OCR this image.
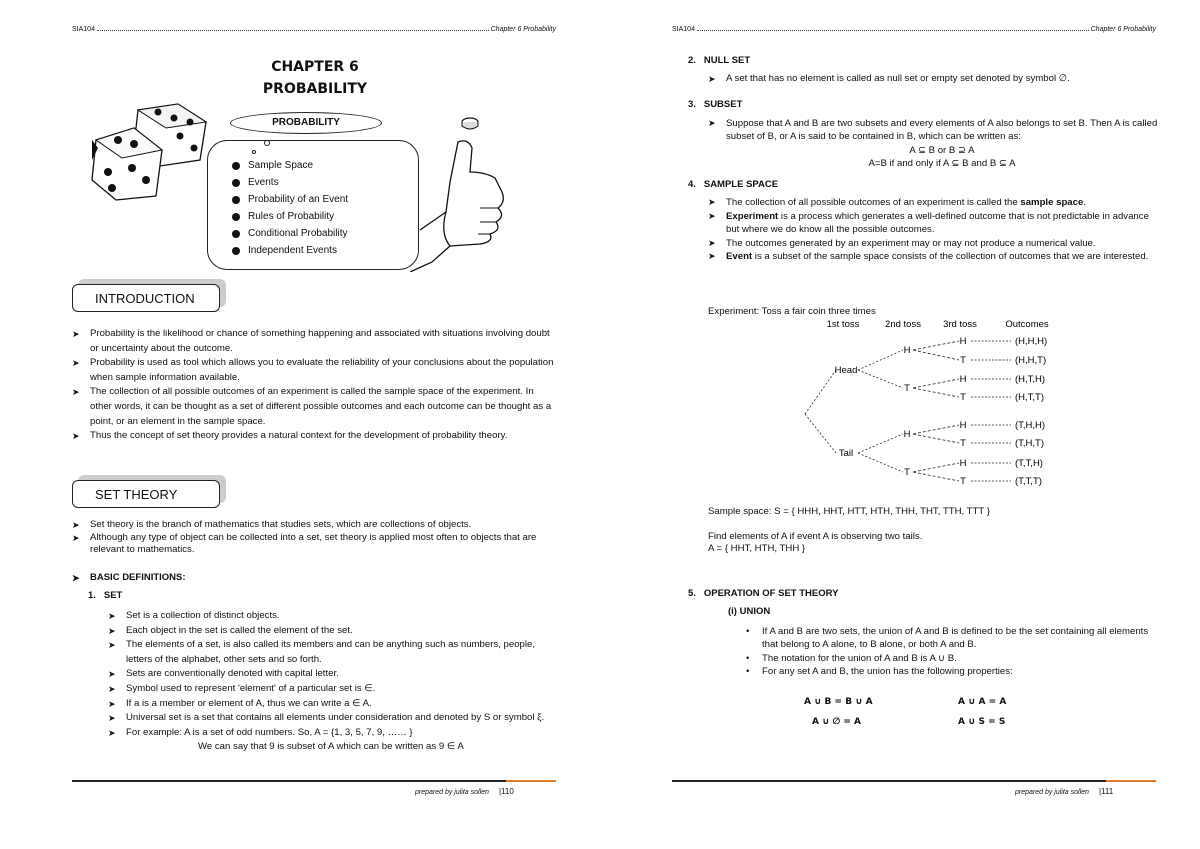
SIA104	Chapter 6 Probability
CHAPTER 6
PROBABILITY
PROBABILITY
Sample Space
Events
Probability of an Event
Rules of Probability
Conditional Probability
Independent Events
INTRODUCTION
➤ Probability is the likelihood or chance of something happening and associated with situations involving doubt or uncertainty about the outcome.
➤ Probability is used as tool which allows you to evaluate the reliability of your conclusions about the population when sample information available.
➤ The collection of all possible outcomes of an experiment is called the sample space of the experiment. In other words, it can be thought as a set of different possible outcomes and each outcome can be thought as a point, or an element in the sample space.
➤ Thus the concept of set theory provides a natural context for the development of probability theory.
SET THEORY
➤ Set theory is the branch of mathematics that studies sets, which are collections of objects.
➤ Although any type of object can be collected into a set, set theory is applied most often to objects that are relevant to mathematics.
➤ BASIC DEFINITIONS:
1. SET
➤ Set is a collection of distinct objects.
➤ Each object in the set is called the element of the set.
➤ The elements of a set, is also called its members and can be anything such as numbers, people, letters of the alphabet, other sets and so forth.
➤ Sets are conventionally denoted with capital letter.
➤ Symbol used to represent 'element' of a particular set is ∈.
➤ If a is a member or element of A, thus we can write a ∈ A.
➤ Universal set is a set that contains all elements under consideration and denoted by S or symbol ξ.
➤ For example: A is a set of odd numbers. So, A = {1, 3, 5, 7, 9, …… }
We can say that 9 is subset of A which can be written as 9 ∈ A
prepared by julita sollen |110
SIA104	Chapter 6 Probability
2. NULL SET
➤ A set that has no element is called as null set or empty set denoted by symbol ∅.
3. SUBSET
➤ Suppose that A and B are two subsets and every elements of A also belongs to set B. Then A is called subset of B, or A is said to be contained in B, which can be written as:
A ⊆ B or B ⊇ A
A=B if and only if A ⊆ B and B ⊆ A
4. SAMPLE SPACE
➤ The collection of all possible outcomes of an experiment is called the sample space.
➤ Experiment is a process which generates a well-defined outcome that is not predictable in advance but where we do know all the possible outcomes.
➤ The outcomes generated by an experiment may or may not produce a numerical value.
➤ Event is a subset of the sample space consists of the collection of outcomes that we are interested.
Experiment: Toss a fair coin three times
1st toss	2nd toss 3rd toss	Outcomes
Head
Tail
H
T
H
T
H	(H,H,H)
T	(H,H,T)
H	(H,T,H)
T	(H,T,T)
H	(T,H,H)
T	(T,H,T)
H	(T,T,H)
T	(T,T,T)
Sample space: S = { HHH, HHT, HTT, HTH, THH, THT, TTH, TTT }
Find elements of A if event A is observing two tails.
A = { HHT, HTH, THH }
5. OPERATION OF SET THEORY
(i) UNION
• If A and B are two sets, the union of A and B is defined to be the set containing all elements that belong to A alone, to B alone, or both A and B.
• The notation for the union of A and B is A ∪ B.
• For any set A and B, the union has the following properties:
A ∪ B = B ∪ A	A ∪ A = A
A ∪ ∅ = A	A ∪ S = S
prepared by julita sollen |111
